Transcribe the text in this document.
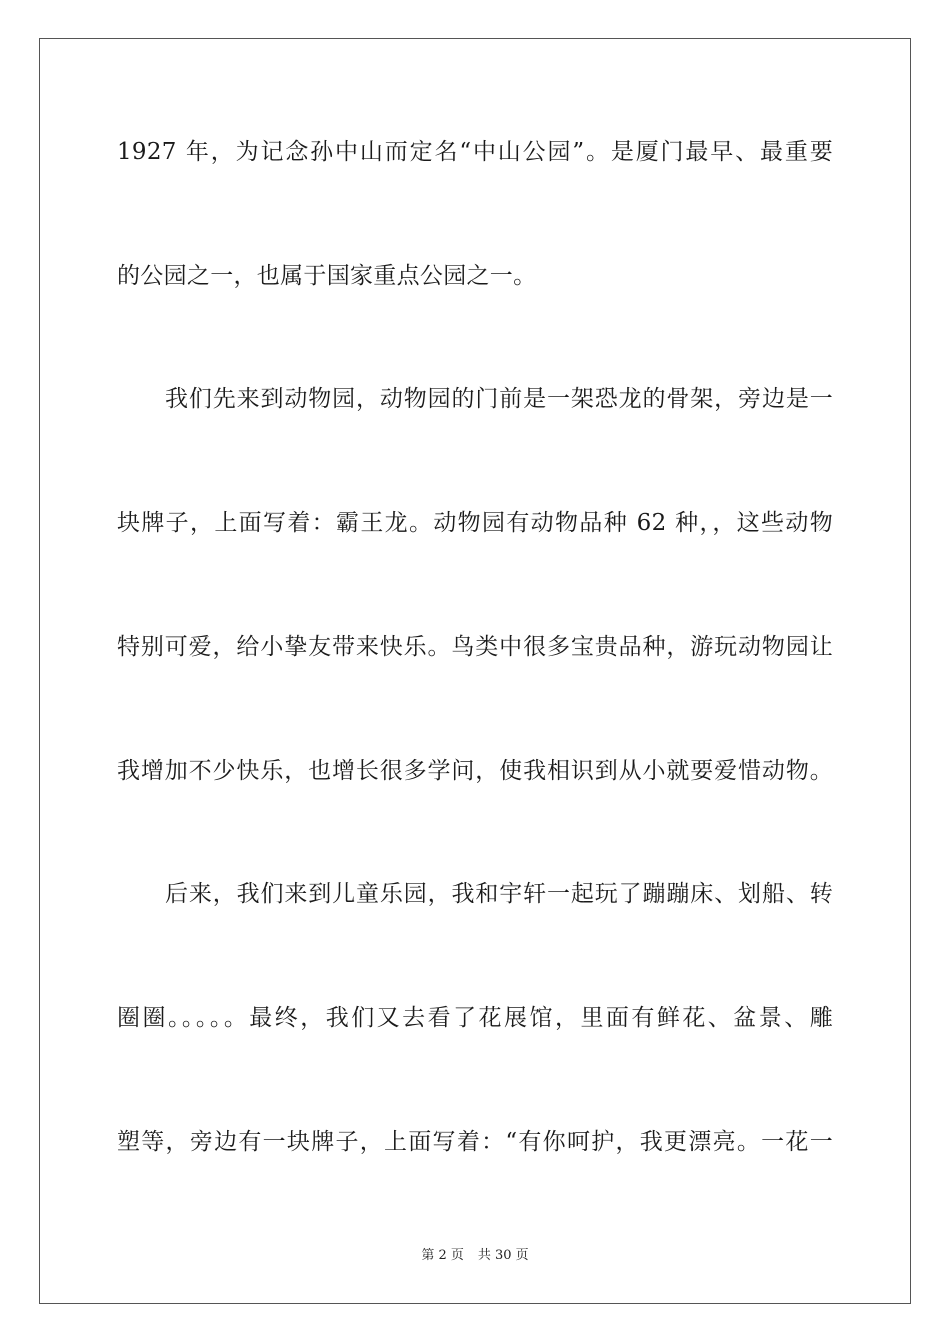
1927 年，为记念孙中山而定名“中山公园”。是厦门最早、最重要
的公园之一，也属于国家重点公园之一。
我们先来到动物园，动物园的门前是一架恐龙的骨架，旁边是一
块牌子，上面写着：霸王龙。动物园有动物品种 62 种，，这些动物
特别可爱，给小挚友带来快乐。鸟类中很多宝贵品种，游玩动物园让
我增加不少快乐，也增长很多学问，使我相识到从小就要爱惜动物。
后来，我们来到儿童乐园，我和宇轩一起玩了蹦蹦床、划船、转
圈圈。。。。。最终，我们又去看了花展馆，里面有鲜花、盆景、雕
塑等，旁边有一块牌子，上面写着：“有你呵护，我更漂亮。一花一
第 2 页 共 30 页
